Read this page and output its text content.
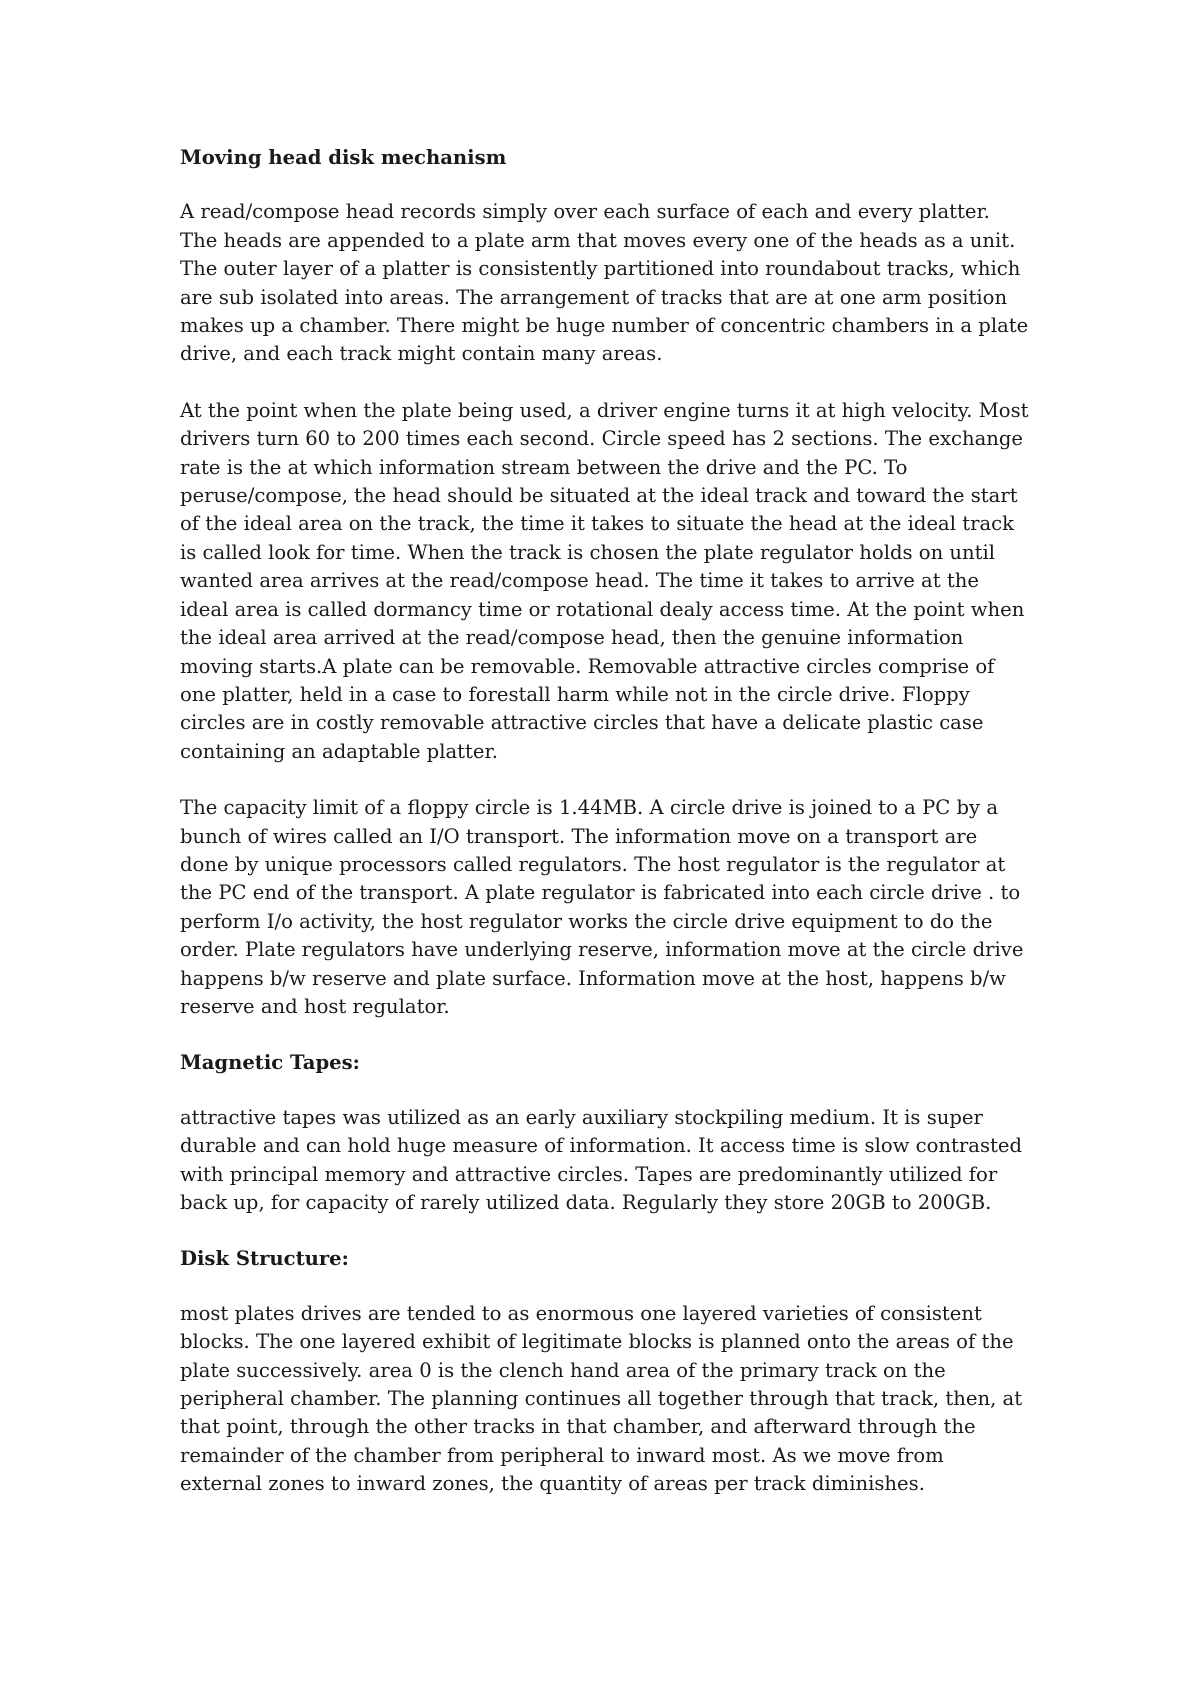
Moving head disk mechanism

A read/compose head records simply over each surface of each and every platter. The heads are appended to a plate arm that moves every one of the heads as a unit. The outer layer of a platter is consistently partitioned into roundabout tracks, which are sub isolated into areas. The arrangement of tracks that are at one arm position makes up a chamber. There might be huge number of concentric chambers in a plate drive, and each track might contain many areas.

At the point when the plate being used, a driver engine turns it at high velocity. Most drivers turn 60 to 200 times each second. Circle speed has 2 sections. The exchange rate is the at which information stream between the drive and the PC. To peruse/compose, the head should be situated at the ideal track and toward the start of the ideal area on the track, the time it takes to situate the head at the ideal track is called look for time. When the track is chosen the plate regulator holds on until wanted area arrives at the read/compose head. The time it takes to arrive at the ideal area is called dormancy time or rotational dealy access time. At the point when the ideal area arrived at the read/compose head, then the genuine information moving starts.A plate can be removable. Removable attractive circles comprise of one platter, held in a case to forestall harm while not in the circle drive. Floppy circles are in costly removable attractive circles that have a delicate plastic case containing an adaptable platter.

The capacity limit of a floppy circle is 1.44MB. A circle drive is joined to a PC by a bunch of wires called an I/O transport. The information move on a transport are done by unique processors called regulators. The host regulator is the regulator at the PC end of the transport. A plate regulator is fabricated into each circle drive . to perform I/o activity, the host regulator works the circle drive equipment to do the order. Plate regulators have underlying reserve, information move at the circle drive happens b/w reserve and plate surface. Information move at the host, happens b/w reserve and host regulator.

Magnetic Tapes:

attractive tapes was utilized as an early auxiliary stockpiling medium. It is super durable and can hold huge measure of information. It access time is slow contrasted with principal memory and attractive circles. Tapes are predominantly utilized for back up, for capacity of rarely utilized data. Regularly they store 20GB to 200GB.

Disk Structure:

most plates drives are tended to as enormous one layered varieties of consistent blocks. The one layered exhibit of legitimate blocks is planned onto the areas of the plate successively. area 0 is the clench hand area of the primary track on the peripheral chamber. The planning continues all together through that track, then, at that point, through the other tracks in that chamber, and afterward through the remainder of the chamber from peripheral to inward most. As we move from external zones to inward zones, the quantity of areas per track diminishes.
